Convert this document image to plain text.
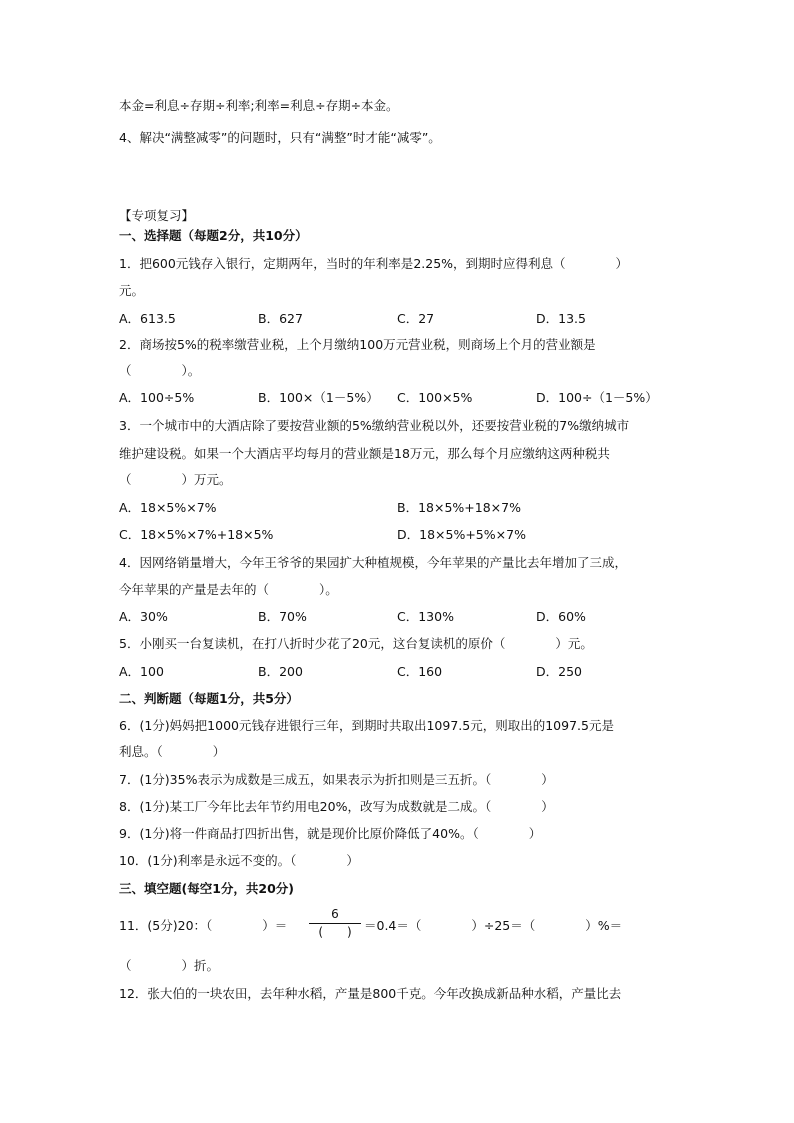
本金=利息÷存期÷利率;利率=利息÷存期÷本金。
4、解决“满整减零”的问题时，只有“满整”时才能“减零”。
【专项复习】
一、选择题（每题2分，共10分）
1．把600元钱存入银行，定期两年，当时的年利率是2.25%，到期时应得利息（　　　　）
元。
A．613.5	B．627	C．27	D．13.5
2．商场按5%的税率缴营业税，上个月缴纳100万元营业税，则商场上个月的营业额是
（　　　　）。
A．100÷5%	B．100×（1－5%） C．100×5%	D．100÷（1－5%）
3．一个城市中的大酒店除了要按营业额的5%缴纳营业税以外，还要按营业税的7%缴纳城市
维护建设税。如果一个大酒店平均每月的营业额是18万元，那么每个月应缴纳这两种税共
（　　　　）万元。
A．18×5%×7%	B．18×5%+18×7%
C．18×5%×7%+18×5%	D．18×5%+5%×7%
4．因网络销量增大，今年王爷爷的果园扩大种植规模，今年苹果的产量比去年增加了三成，
今年苹果的产量是去年的（　　　　）。
A．30%	B．70%	C．130%	D．60%
5．小刚买一台复读机，在打八折时少花了20元，这台复读机的原价（　　　　）元。
A．100	B．200	C．160	D．250
二、判断题（每题1分，共5分）
6．(1分)妈妈把1000元钱存进银行三年，到期时共取出1097.5元，则取出的1097.5元是
利息。（　　　　）
7．(1分)35%表示为成数是三成五，如果表示为折扣则是三五折。（　　　　）
8．(1分)某工厂今年比去年节约用电20%，改写为成数就是二成。（　　　　）
9．(1分)将一件商品打四折出售，就是现价比原价降低了40%。（　　　　）
10．(1分)利率是永远不变的。（　　　　）
三、填空题(每空1分，共20分)
11．(5分)20：（　　　　）＝
6
(　　) ＝0.4＝（　　　　）÷25＝（　　　　）%＝
（　　　　）折。
12．张大伯的一块农田，去年种水稻，产量是800千克。今年改换成新品种水稻，产量比去
